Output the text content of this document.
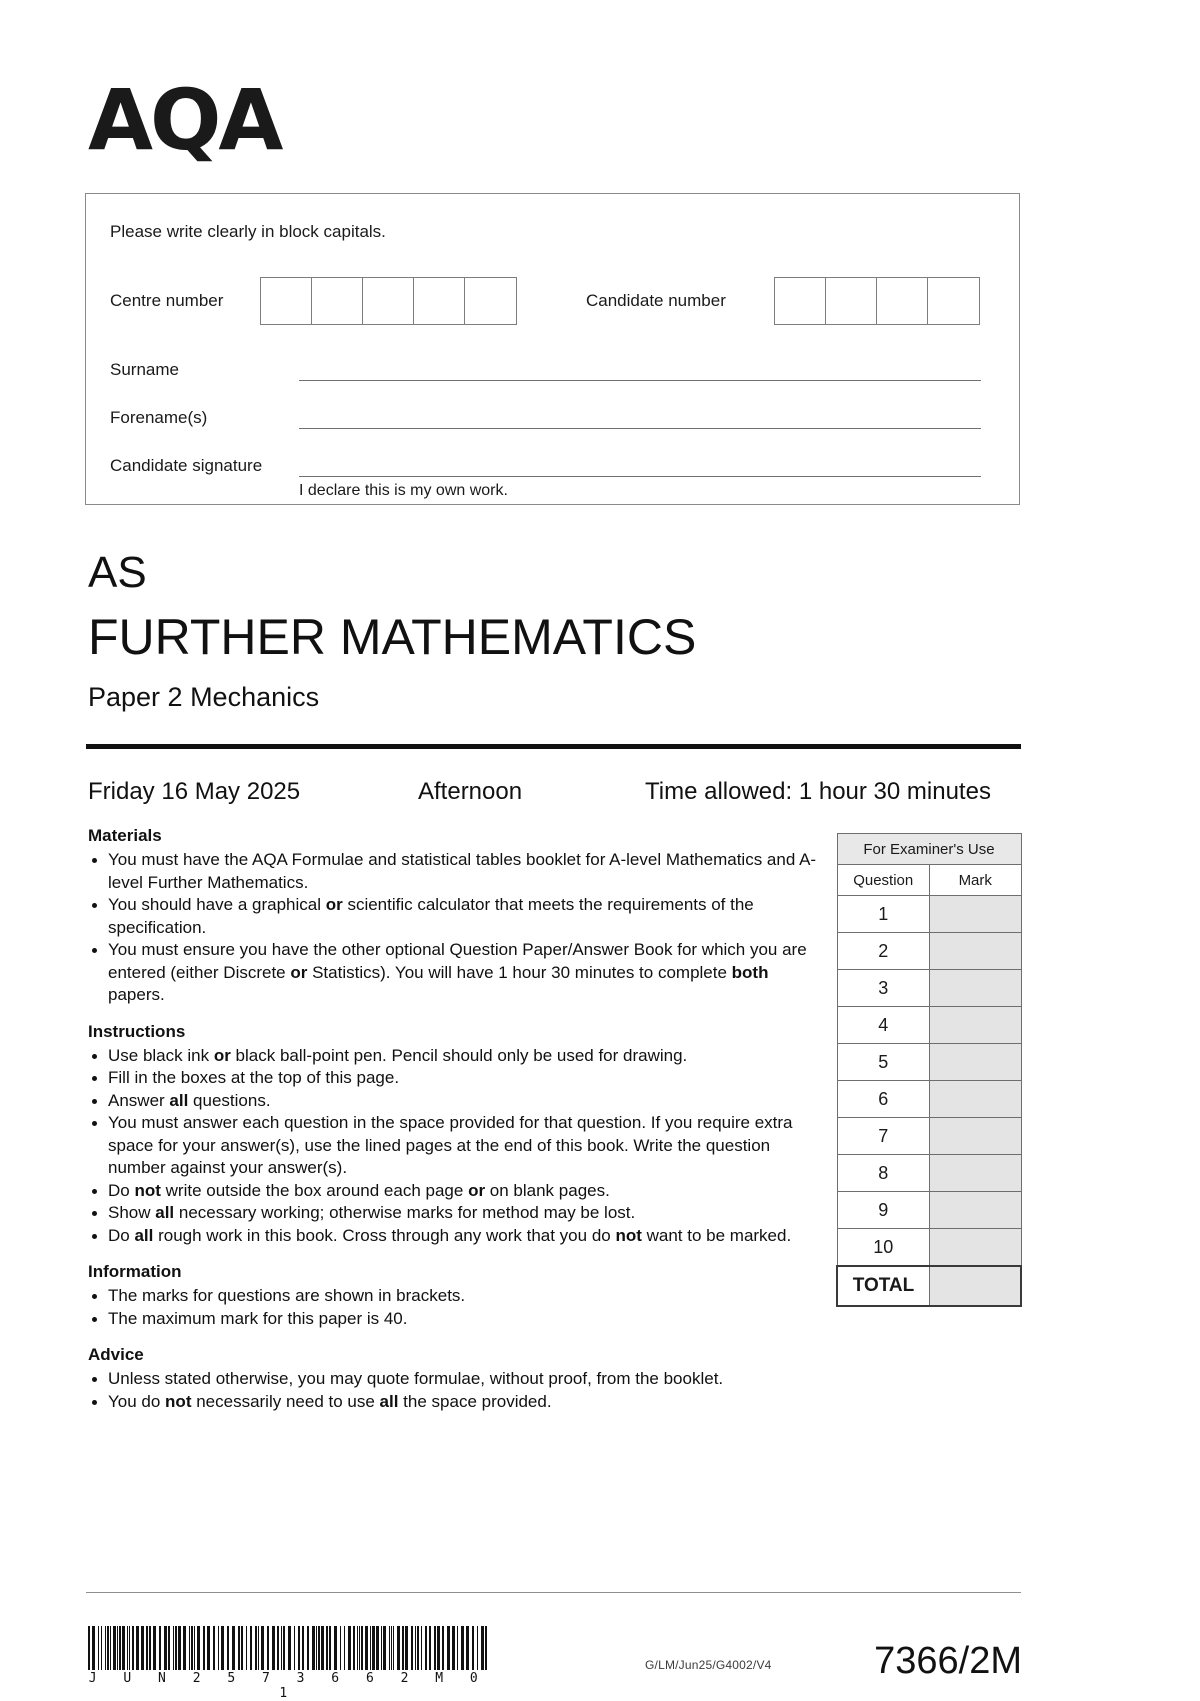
AQA
Please write clearly in block capitals.
Centre number	Candidate number
Surname
Forename(s)
Candidate signature
I declare this is my own work.
AS
FURTHER MATHEMATICS
Paper 2 Mechanics
Friday 16 May 2025	Afternoon	Time allowed: 1 hour 30 minutes
Materials
You must have the AQA Formulae and statistical tables booklet for A-level Mathematics and A-level Further Mathematics.
You should have a graphical or scientific calculator that meets the requirements of the specification.
You must ensure you have the other optional Question Paper/Answer Book for which you are entered (either Discrete or Statistics). You will have 1 hour 30 minutes to complete both papers.
Instructions
Use black ink or black ball-point pen. Pencil should only be used for drawing.
Fill in the boxes at the top of this page.
Answer all questions.
You must answer each question in the space provided for that question. If you require extra space for your answer(s), use the lined pages at the end of this book. Write the question number against your answer(s).
Do not write outside the box around each page or on blank pages.
Show all necessary working; otherwise marks for method may be lost.
Do all rough work in this book. Cross through any work that you do not want to be marked.
Information
The marks for questions are shown in brackets.
The maximum mark for this paper is 40.
Advice
Unless stated otherwise, you may quote formulae, without proof, from the booklet.
You do not necessarily need to use all the space provided.
For Examiner's Use	
Question	Mark
1	
2	
3	
4	
5	
6	
7	
8	
9	
10	
TOTAL	
J U N 2 5 7 3 6 6 2 M 0 1
G/LM/Jun25/G4002/V4	7366/2M
